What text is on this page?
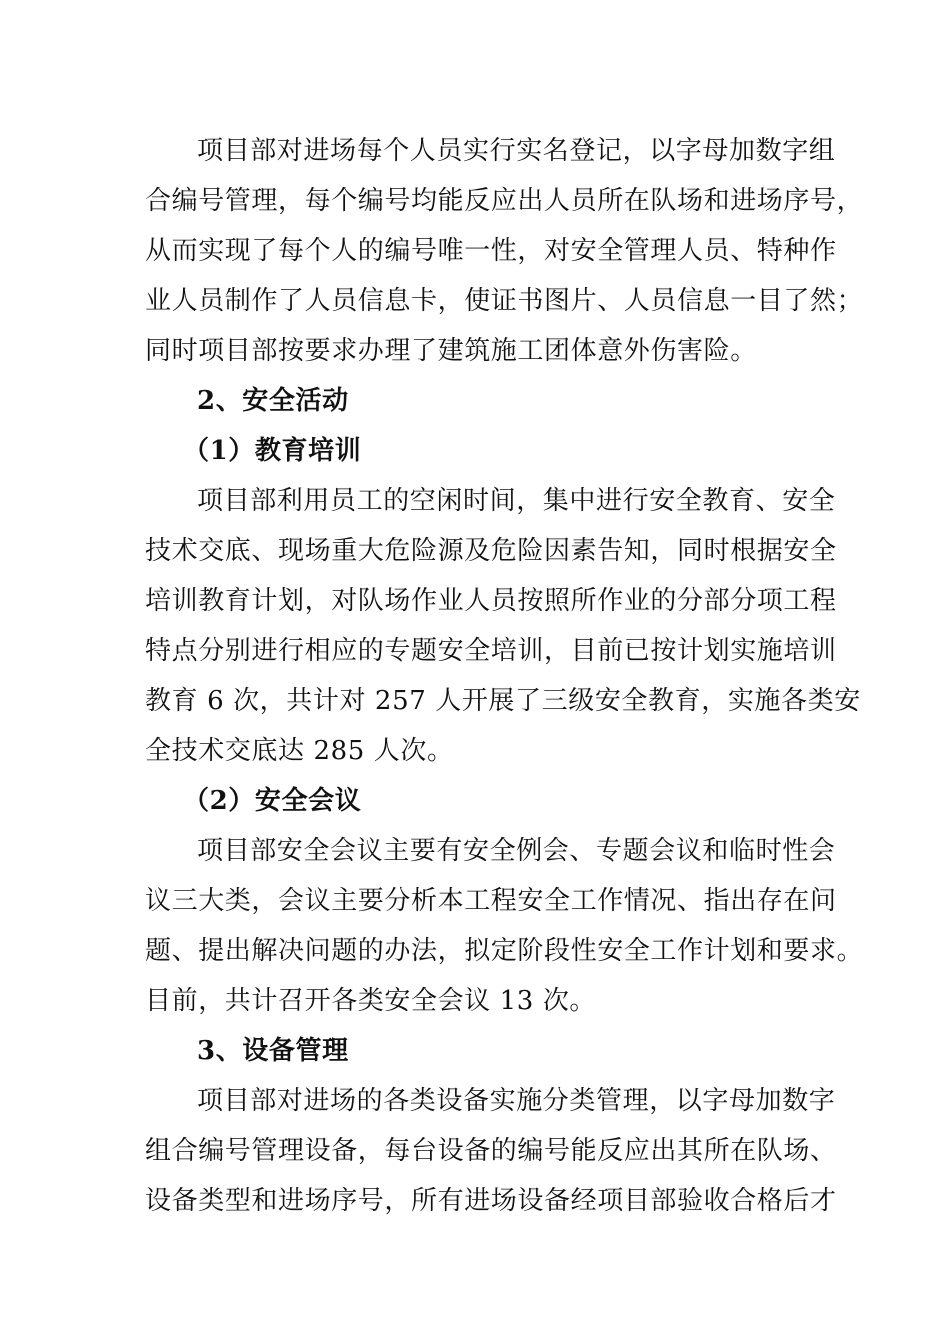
项目部对进场每个人员实行实名登记，以字母加数字组
合编号管理，每个编号均能反应出人员所在队场和进场序号，
从而实现了每个人的编号唯一性，对安全管理人员、特种作
业人员制作了人员信息卡，使证书图片、人员信息一目了然；
同时项目部按要求办理了建筑施工团体意外伤害险。
2、安全活动
（1）教育培训
项目部利用员工的空闲时间，集中进行安全教育、安全
技术交底、现场重大危险源及危险因素告知，同时根据安全
培训教育计划，对队场作业人员按照所作业的分部分项工程
特点分别进行相应的专题安全培训，目前已按计划实施培训
教育 6 次，共计对 257 人开展了三级安全教育，实施各类安
全技术交底达 285 人次。
（2）安全会议
项目部安全会议主要有安全例会、专题会议和临时性会
议三大类，会议主要分析本工程安全工作情况、指出存在问
题、提出解决问题的办法，拟定阶段性安全工作计划和要求。
目前，共计召开各类安全会议 13 次。
3、设备管理
项目部对进场的各类设备实施分类管理，以字母加数字
组合编号管理设备，每台设备的编号能反应出其所在队场、
设备类型和进场序号，所有进场设备经项目部验收合格后才
